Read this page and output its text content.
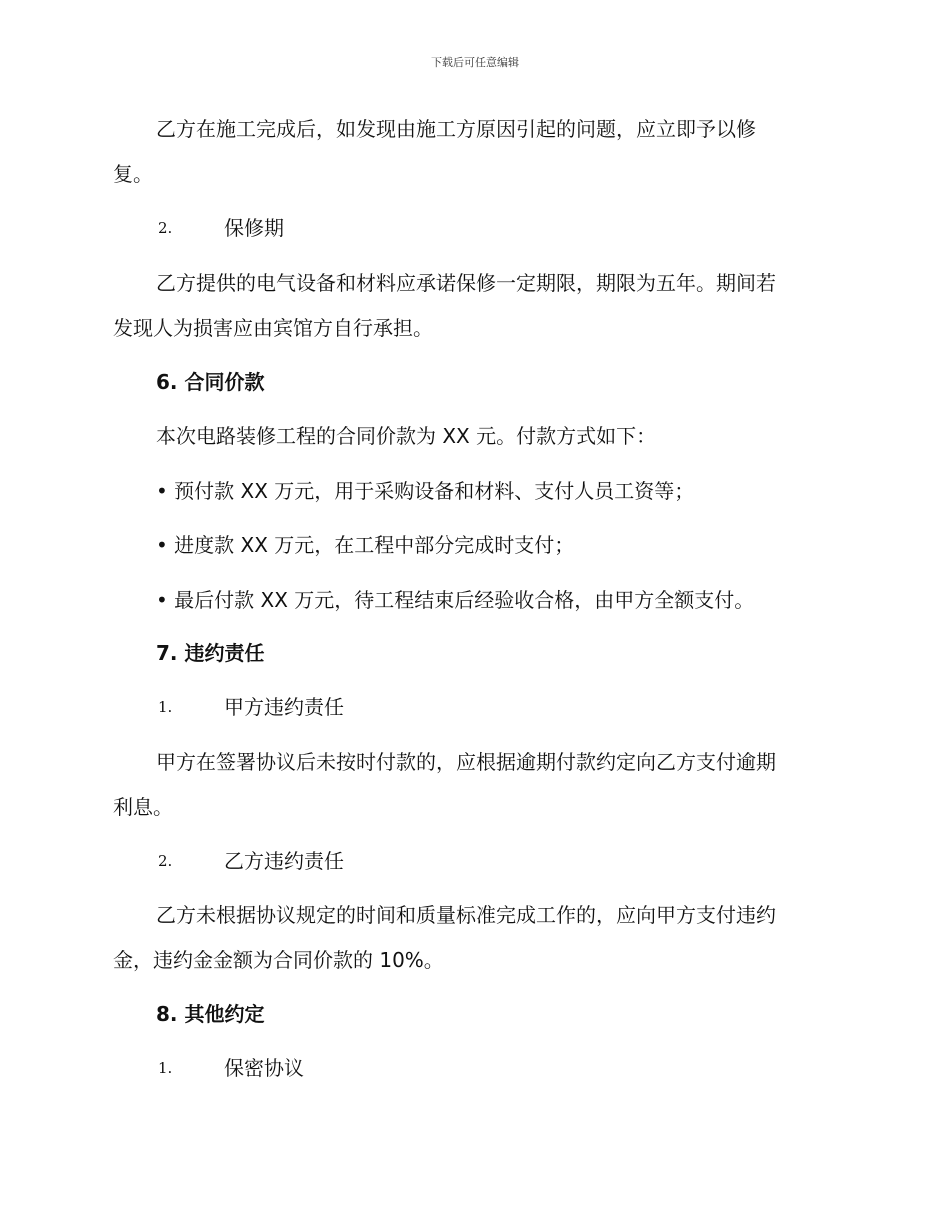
下载后可任意编辑
乙方在施工完成后，如发现由施工方原因引起的问题，应立即予以修
复。
2.	保修期
乙方提供的电气设备和材料应承诺保修一定期限，期限为五年。期间若
发现人为损害应由宾馆方自行承担。
6. 合同价款
本次电路装修工程的合同价款为 XX 元。付款方式如下：
• 预付款 XX 万元，用于采购设备和材料、支付人员工资等；
• 进度款 XX 万元，在工程中部分完成时支付；
• 最后付款 XX 万元，待工程结束后经验收合格，由甲方全额支付。
7. 违约责任
1.	甲方违约责任
甲方在签署协议后未按时付款的，应根据逾期付款约定向乙方支付逾期
利息。
2.	乙方违约责任
乙方未根据协议规定的时间和质量标准完成工作的，应向甲方支付违约
金，违约金金额为合同价款的 10%。
8. 其他约定
1.	保密协议
